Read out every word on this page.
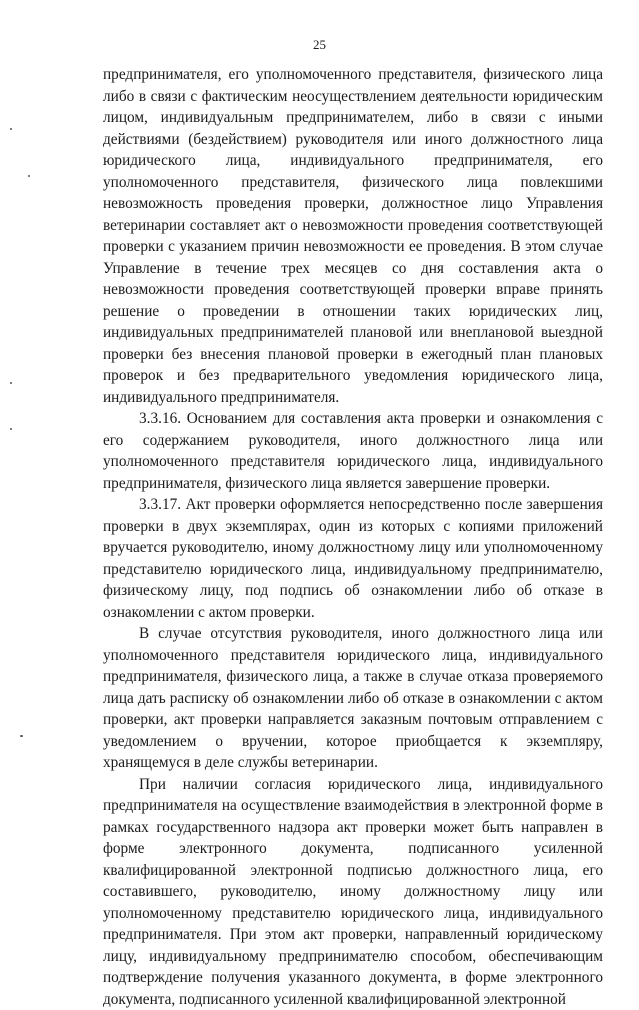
25

предпринимателя, его уполномоченного представителя, физического лица либо в связи с фактическим неосуществлением деятельности юридическим лицом, индивидуальным предпринимателем, либо в связи с иными действиями (бездействием) руководителя или иного должностного лица юридического лица, индивидуального предпринимателя, его уполномоченного представителя, физического лица повлекшими невозможность проведения проверки, должностное лицо Управления ветеринарии составляет акт о невозможности проведения соответствующей проверки с указанием причин невозможности ее проведения. В этом случае Управление в течение трех месяцев со дня составления акта о невозможности проведения соответствующей проверки вправе принять решение о проведении в отношении таких юридических лиц, индивидуальных предпринимателей плановой или внеплановой выездной проверки без внесения плановой проверки в ежегодный план плановых проверок и без предварительного уведомления юридического лица, индивидуального предпринимателя.

3.3.16. Основанием для составления акта проверки и ознакомления с его содержанием руководителя, иного должностного лица или уполномоченного представителя юридического лица, индивидуального предпринимателя, физического лица является завершение проверки.

3.3.17. Акт проверки оформляется непосредственно после завершения проверки в двух экземплярах, один из которых с копиями приложений вручается руководителю, иному должностному лицу или уполномоченному представителю юридического лица, индивидуальному предпринимателю, физическому лицу, под подпись об ознакомлении либо об отказе в ознакомлении с актом проверки.

В случае отсутствия руководителя, иного должностного лица или уполномоченного представителя юридического лица, индивидуального предпринимателя, физического лица, а также в случае отказа проверяемого лица дать расписку об ознакомлении либо об отказе в ознакомлении с актом проверки, акт проверки направляется заказным почтовым отправлением с уведомлением о вручении, которое приобщается к экземпляру, хранящемуся в деле службы ветеринарии.

При наличии согласия юридического лица, индивидуального предпринимателя на осуществление взаимодействия в электронной форме в рамках государственного надзора акт проверки может быть направлен в форме электронного документа, подписанного усиленной квалифицированной электронной подписью должностного лица, его составившего, руководителю, иному должностному лицу или уполномоченному представителю юридического лица, индивидуального предпринимателя. При этом акт проверки, направленный юридическому лицу, индивидуальному предпринимателю способом, обеспечивающим подтверждение получения указанного документа, в форме электронного документа, подписанного усиленной квалифицированной электронной
